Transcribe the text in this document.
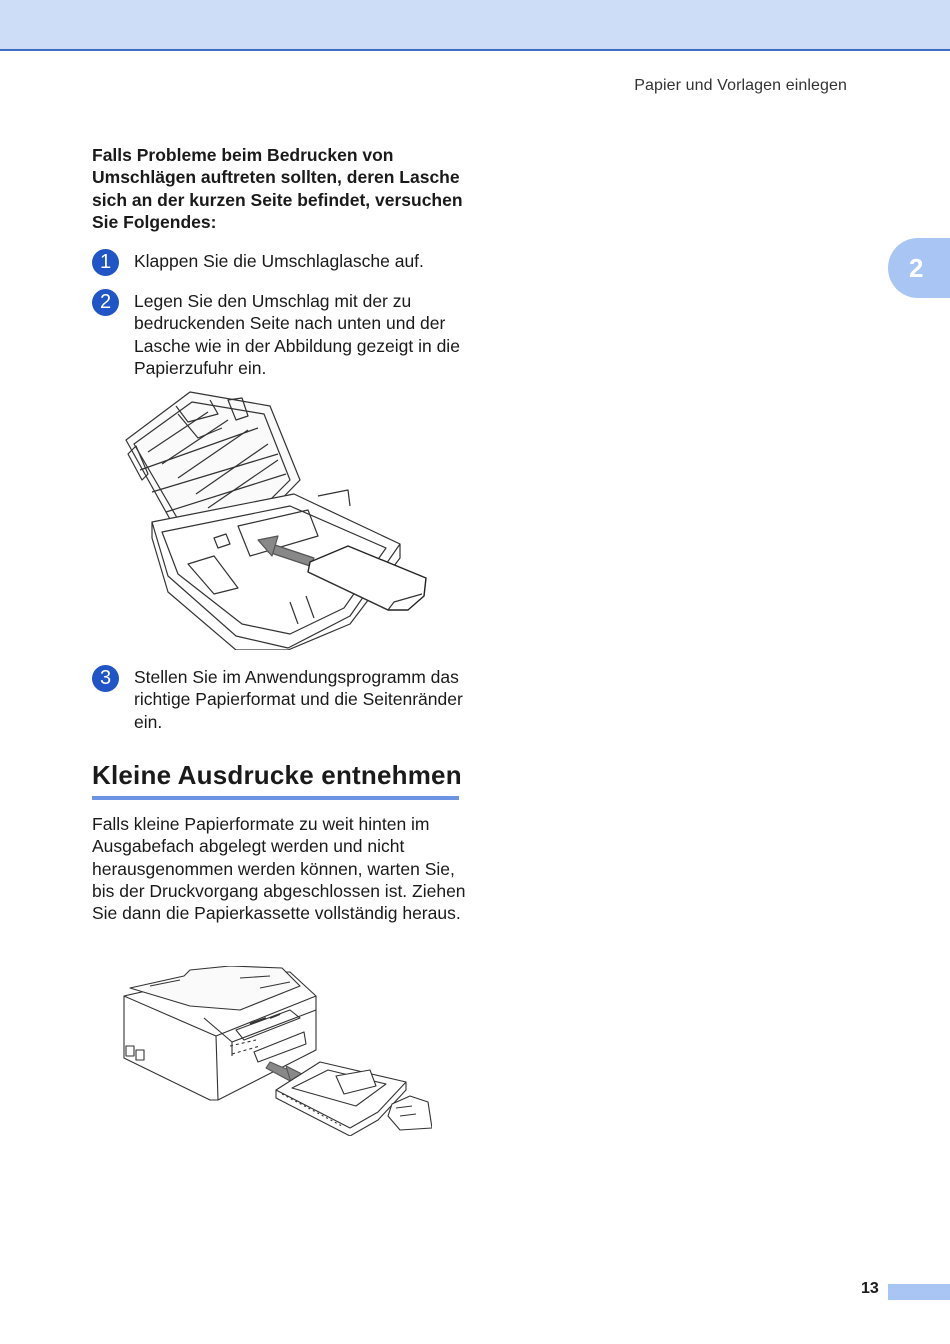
Papier und Vorlagen einlegen
2
Falls Probleme beim Bedrucken von Umschlägen auftreten sollten, deren Lasche sich an der kurzen Seite befindet, versuchen Sie Folgendes:
1	Klappen Sie die Umschlaglasche auf.
2	Legen Sie den Umschlag mit der zu bedruckenden Seite nach unten und der Lasche wie in der Abbildung gezeigt in die Papierzufuhr ein.
3	Stellen Sie im Anwendungsprogramm das richtige Papierformat und die Seitenränder ein.
Kleine Ausdrucke entnehmen
Falls kleine Papierformate zu weit hinten im Ausgabefach abgelegt werden und nicht herausgenommen werden können, warten Sie, bis der Druckvorgang abgeschlossen ist. Ziehen Sie dann die Papierkassette vollständig heraus.
13
